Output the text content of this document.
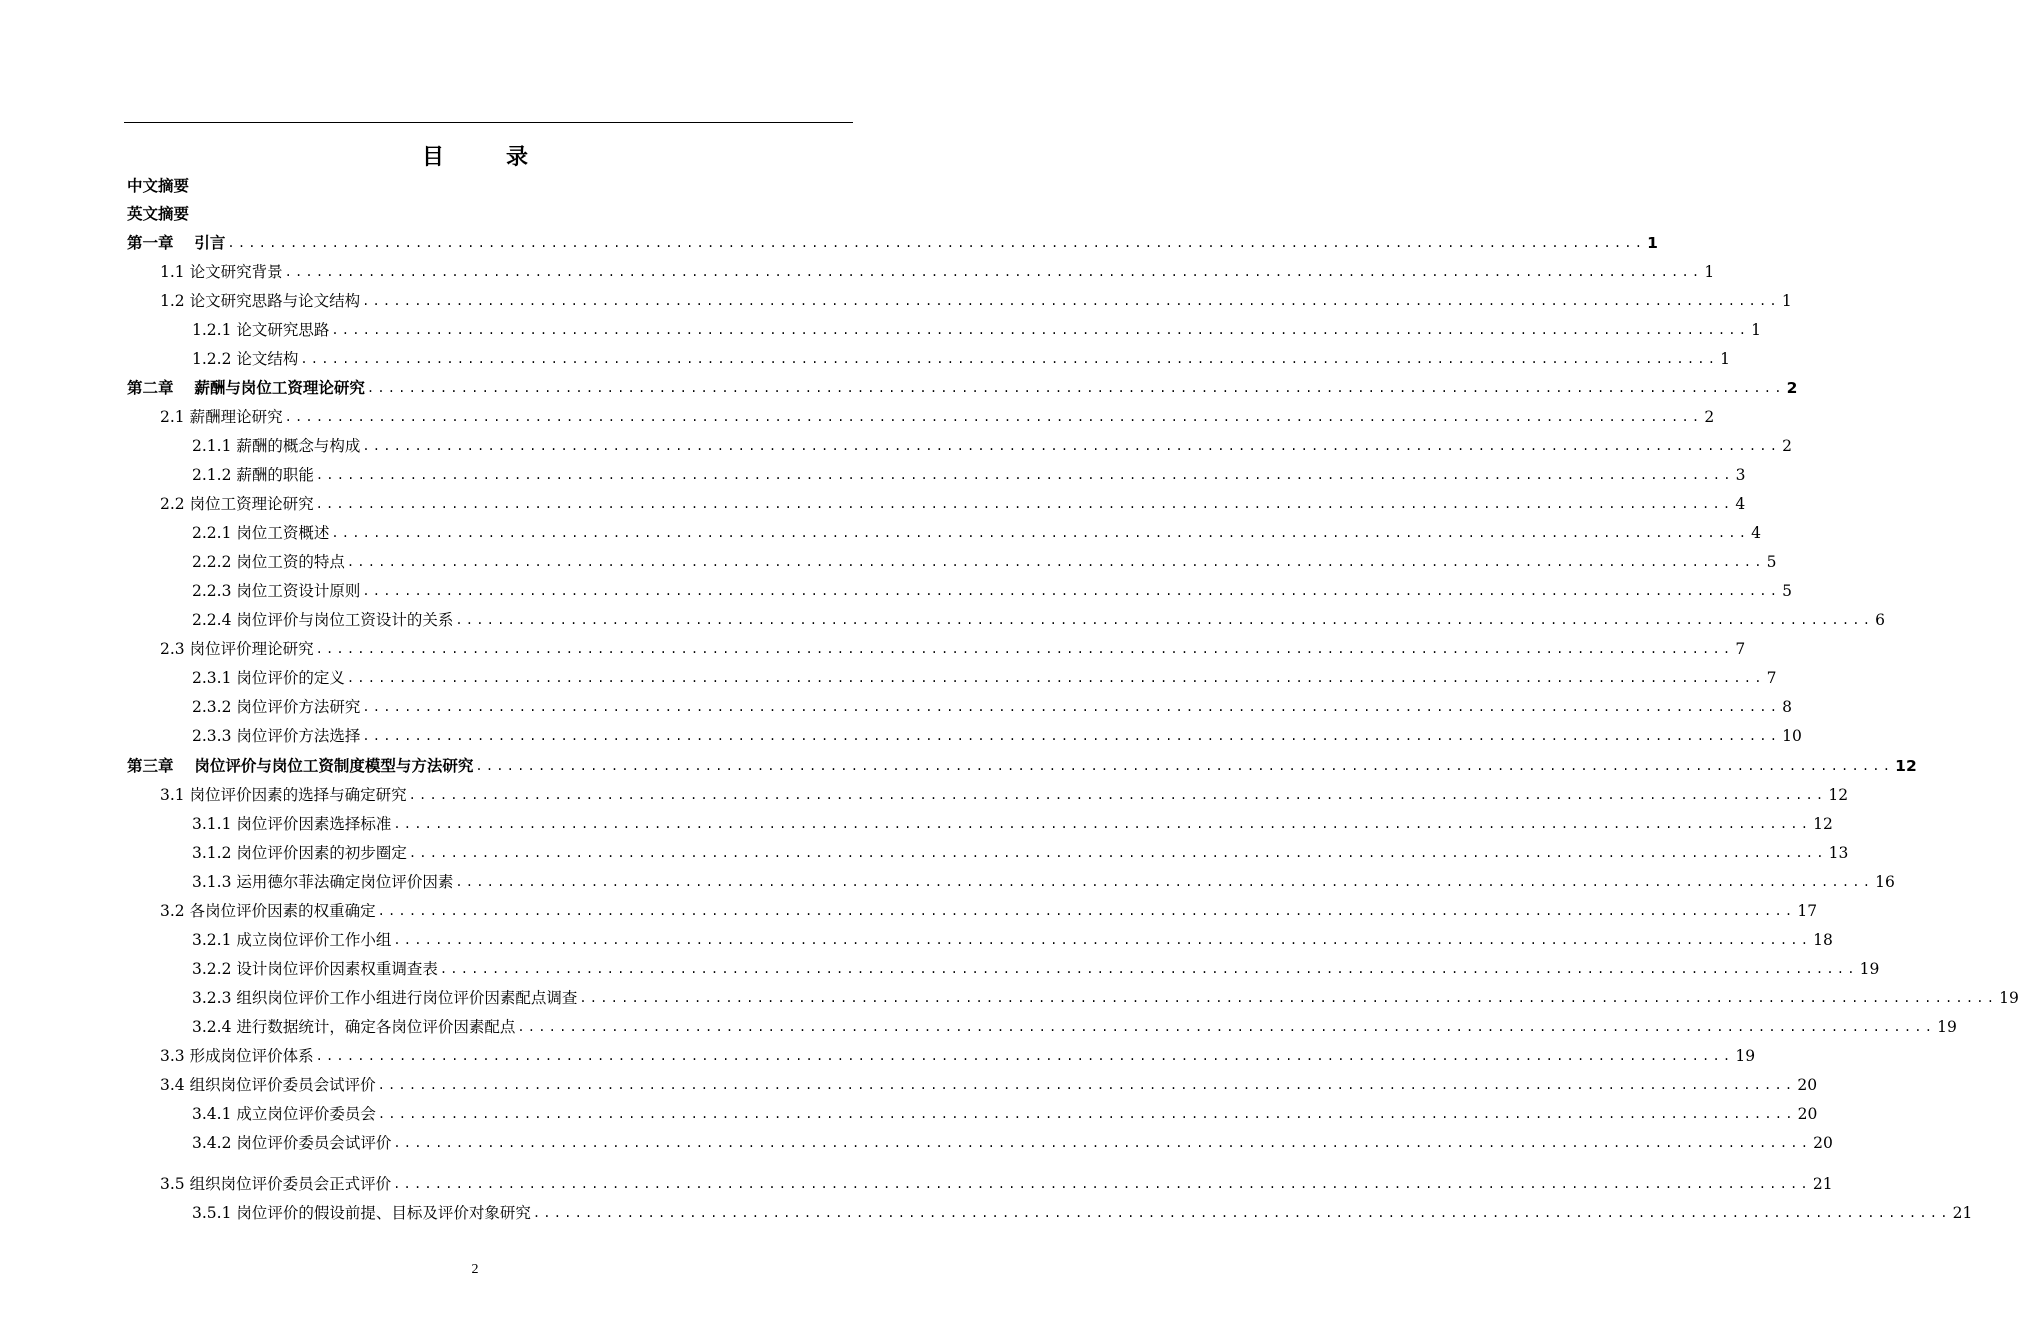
目　录
中文摘要
英文摘要
第一章　 引言 ........................................................................................................................................ 1
1.1 论文研究背景 ........................................................................................................................................ 1
1.2 论文研究思路与论文结构 ........................................................................................................................................ 1
1.2.1 论文研究思路 ........................................................................................................................................ 1
1.2.2 论文结构 ........................................................................................................................................ 1
第二章　 薪酬与岗位工资理论研究 ........................................................................................................................................ 2
2.1 薪酬理论研究 ........................................................................................................................................ 2
2.1.1 薪酬的概念与构成 ........................................................................................................................................ 2
2.1.2 薪酬的职能 ........................................................................................................................................ 3
2.2 岗位工资理论研究 ........................................................................................................................................ 4
2.2.1 岗位工资概述 ........................................................................................................................................ 4
2.2.2 岗位工资的特点 ........................................................................................................................................ 5
2.2.3 岗位工资设计原则 ........................................................................................................................................ 5
2.2.4 岗位评价与岗位工资设计的关系 ........................................................................................................................................ 6
2.3 岗位评价理论研究 ........................................................................................................................................ 7
2.3.1 岗位评价的定义 ........................................................................................................................................ 7
2.3.2 岗位评价方法研究 ........................................................................................................................................ 8
2.3.3 岗位评价方法选择 ........................................................................................................................................ 10
第三章　 岗位评价与岗位工资制度模型与方法研究 ........................................................................................................................................ 12
3.1 岗位评价因素的选择与确定研究 ........................................................................................................................................ 12
3.1.1 岗位评价因素选择标准 ........................................................................................................................................ 12
3.1.2 岗位评价因素的初步圈定 ........................................................................................................................................ 13
3.1.3 运用德尔菲法确定岗位评价因素 ........................................................................................................................................ 16
3.2 各岗位评价因素的权重确定 ........................................................................................................................................ 17
3.2.1 成立岗位评价工作小组 ........................................................................................................................................ 18
3.2.2 设计岗位评价因素权重调查表 ........................................................................................................................................ 19
3.2.3 组织岗位评价工作小组进行岗位评价因素配点调查 ........................................................................................................................................ 19
3.2.4 进行数据统计，确定各岗位评价因素配点 ........................................................................................................................................ 19
3.3 形成岗位评价体系 ........................................................................................................................................ 19
3.4 组织岗位评价委员会试评价 ........................................................................................................................................ 20
3.4.1 成立岗位评价委员会 ........................................................................................................................................ 20
3.4.2 岗位评价委员会试评价 ........................................................................................................................................ 20
3.5 组织岗位评价委员会正式评价 ........................................................................................................................................ 21
3.5.1 岗位评价的假设前提、目标及评价对象研究 ........................................................................................................................................ 21
2
